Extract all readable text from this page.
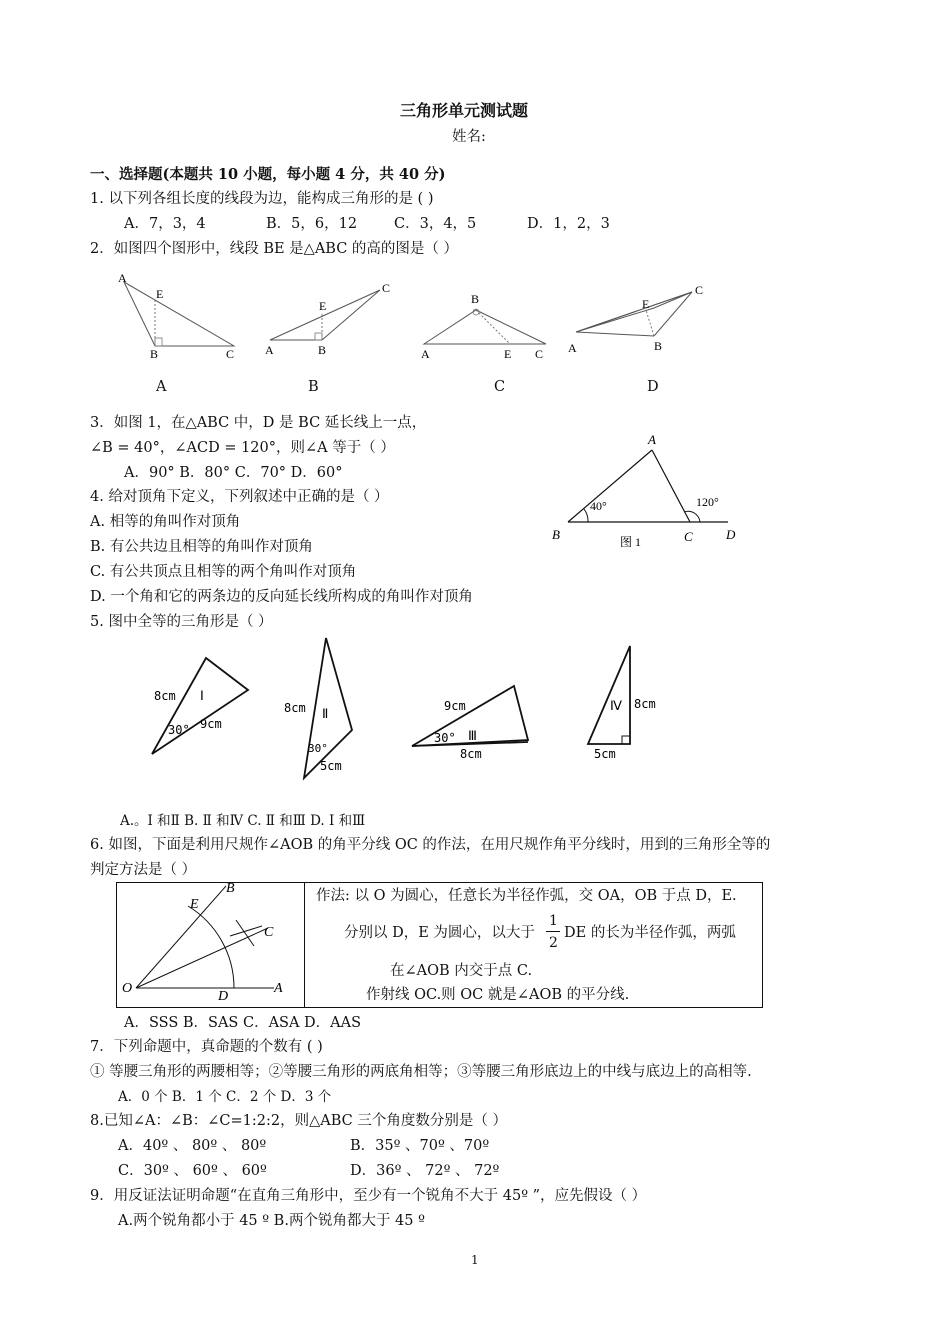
三角形单元测试题
姓名:
一、选择题(本题共 10 小题，每小题 4 分，共 40 分)
1. 以下列各组长度的线段为边，能构成三角形的是 ( )
A．7，3，4	B．5，6，12	C．3，4，5	D．1，2，3
2．如图四个图形中，线段 BE 是△ABC 的高的图是（ ）
A
E
B	C
E
C
A	B
B
A	E C
E
C
A	B
A	B	C	D
3．如图 1，在△ABC 中，D 是 BC 延长线上一点，
∠B = 40°，∠ACD = 120°，则∠A 等于（ ）
A．90° B．80° C．70° D．60°
A
B	C	D
40°	120°
图 1
4. 给对顶角下定义，下列叙述中正确的是（ ）
A. 相等的角叫作对顶角
B. 有公共边且相等的角叫作对顶角
C. 有公共顶点且相等的两个角叫作对顶角
D. 一个角和它的两条边的反向延长线所构成的角叫作对顶角
5. 图中全等的三角形是（ ）
8cm Ⅰ
30° 9cm
8cm Ⅱ
30°
5cm
9cm
30° Ⅲ
8cm
Ⅳ 8cm
5cm
A.。Ⅰ 和Ⅱ B. Ⅱ 和Ⅳ C. Ⅱ 和Ⅲ D. Ⅰ 和Ⅲ
6. 如图，下面是利用尺规作∠AOB 的角平分线 OC 的作法，在用尺规作角平分线时，用到的三角形全等的
判定方法是（ ）
B
E
C
O
D
A
作法: 以 O 为圆心，任意长为半径作弧，交 OA，OB 于点 D，E.
分别以 D，E 为圆心，以大于
1
2
DE 的长为半径作弧，两弧
在∠AOB 内交于点 C.
作射线 OC.则 OC 就是∠AOB 的平分线.
A．SSS B．SAS C．ASA D．AAS
7．下列命题中，真命题的个数有 ( )
① 等腰三角形的两腰相等；②等腰三角形的两底角相等；③等腰三角形底边上的中线与底边上的高相等.
A．0 个 B．1 个 C．2 个 D．3 个
8.已知∠A：∠B：∠C=1:2:2，则△ABC 三个角度数分别是（ ）
A．40º 、 80º 、 80º	B．35º 、70º 、70º
C．30º 、 60º 、 60º	D．36º 、 72º 、 72º
9．用反证法证明命题“在直角三角形中，至少有一个锐角不大于 45º ”，应先假设（ ）
A.两个锐角都小于 45 º B.两个锐角都大于 45 º
1
